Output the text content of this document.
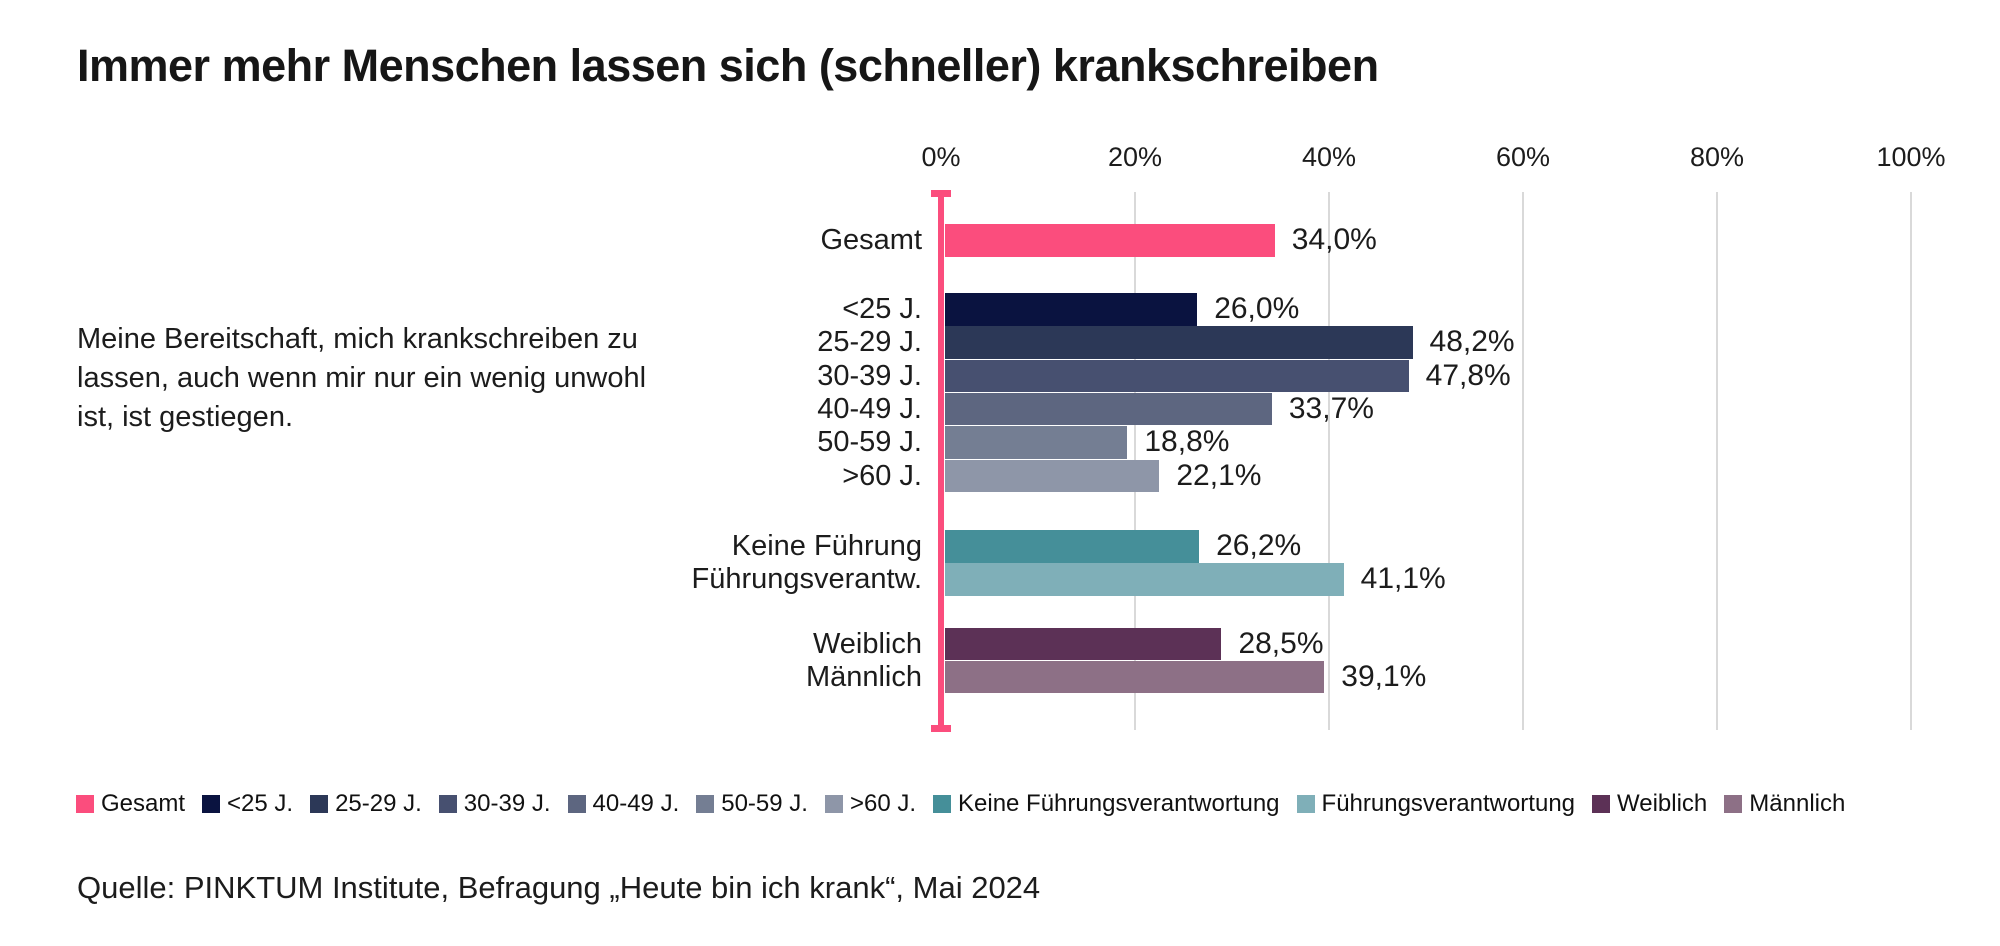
Immer mehr Menschen lassen sich (schneller) krankschreiben
Meine Bereitschaft, mich krankschreiben zu lassen, auch wenn mir nur ein wenig unwohl ist, ist gestiegen.
0%	20%	40%	60%	80%	100%
Gesamt	34,0%
<25 J.	26,0%
25-29 J.	48,2%
30-39 J.	47,8%
40-49 J.	33,7%
50-59 J.	18,8%
>60 J.	22,1%
Keine Führung	26,2%
Führungsverantw.	41,1%
Weiblich	28,5%
Männlich	39,1%
Gesamt <25 J. 25-29 J. 30-39 J. 40-49 J. 50-59 J. >60 J. Keine Führungsverantwortung Führungsverantwortung Weiblich Männlich
Quelle: PINKTUM Institute, Befragung „Heute bin ich krank“, Mai 2024
